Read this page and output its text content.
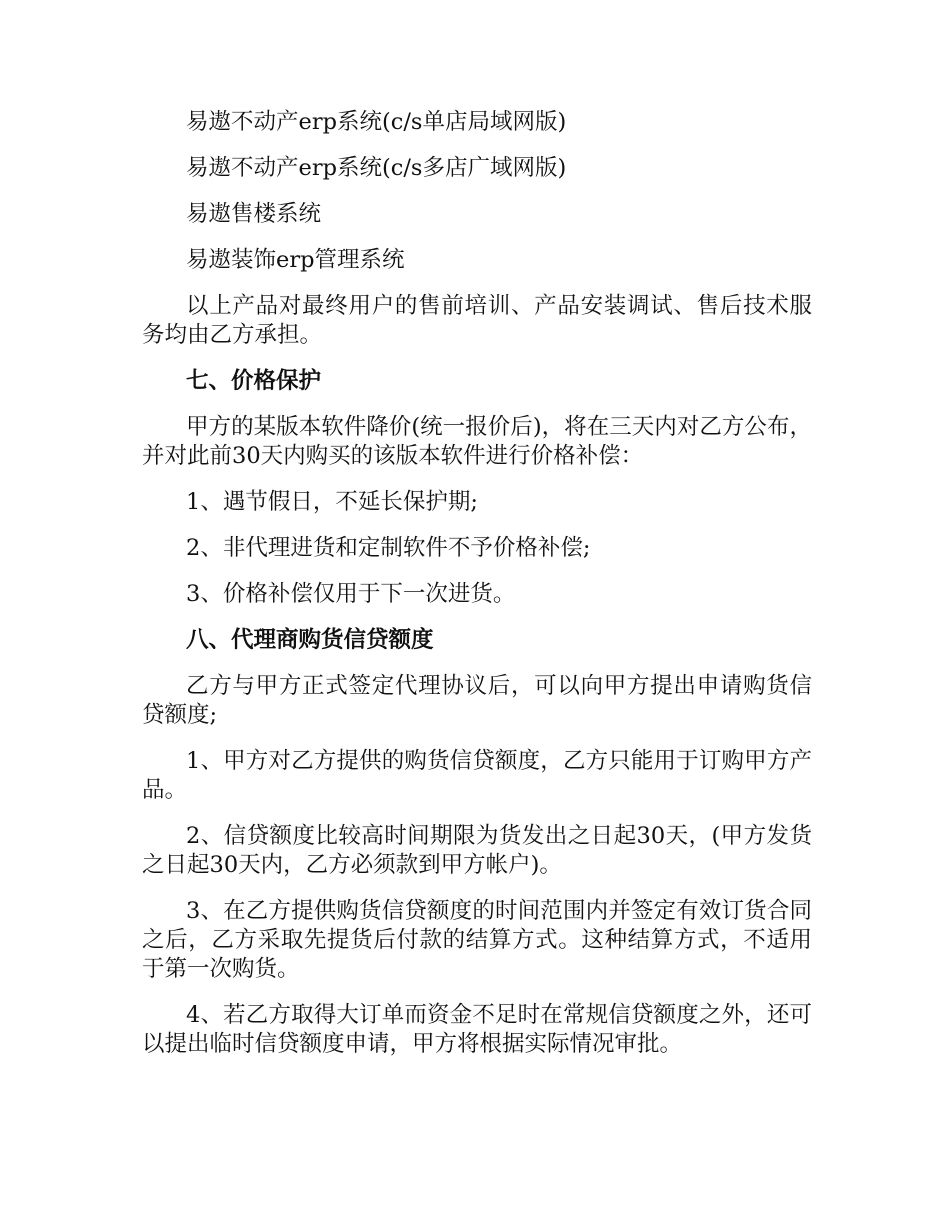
易遨不动产erp系统(c/s单店局域网版)

易遨不动产erp系统(c/s多店广域网版)

易遨售楼系统

易遨装饰erp管理系统

以上产品对最终用户的售前培训、产品安装调试、售后技术服务均由乙方承担。

七、价格保护

甲方的某版本软件降价(统一报价后)，将在三天内对乙方公布，并对此前30天内购买的该版本软件进行价格补偿：

1、遇节假日，不延长保护期;

2、非代理进货和定制软件不予价格补偿;

3、价格补偿仅用于下一次进货。

八、代理商购货信贷额度

乙方与甲方正式签定代理协议后，可以向甲方提出申请购货信贷额度;

1、甲方对乙方提供的购货信贷额度，乙方只能用于订购甲方产品。

2、信贷额度比较高时间期限为货发出之日起30天，(甲方发货之日起30天内，乙方必须款到甲方帐户)。

3、在乙方提供购货信贷额度的时间范围内并签定有效订货合同之后，乙方采取先提货后付款的结算方式。这种结算方式，不适用于第一次购货。

4、若乙方取得大订单而资金不足时在常规信贷额度之外，还可以提出临时信贷额度申请，甲方将根据实际情况审批。
